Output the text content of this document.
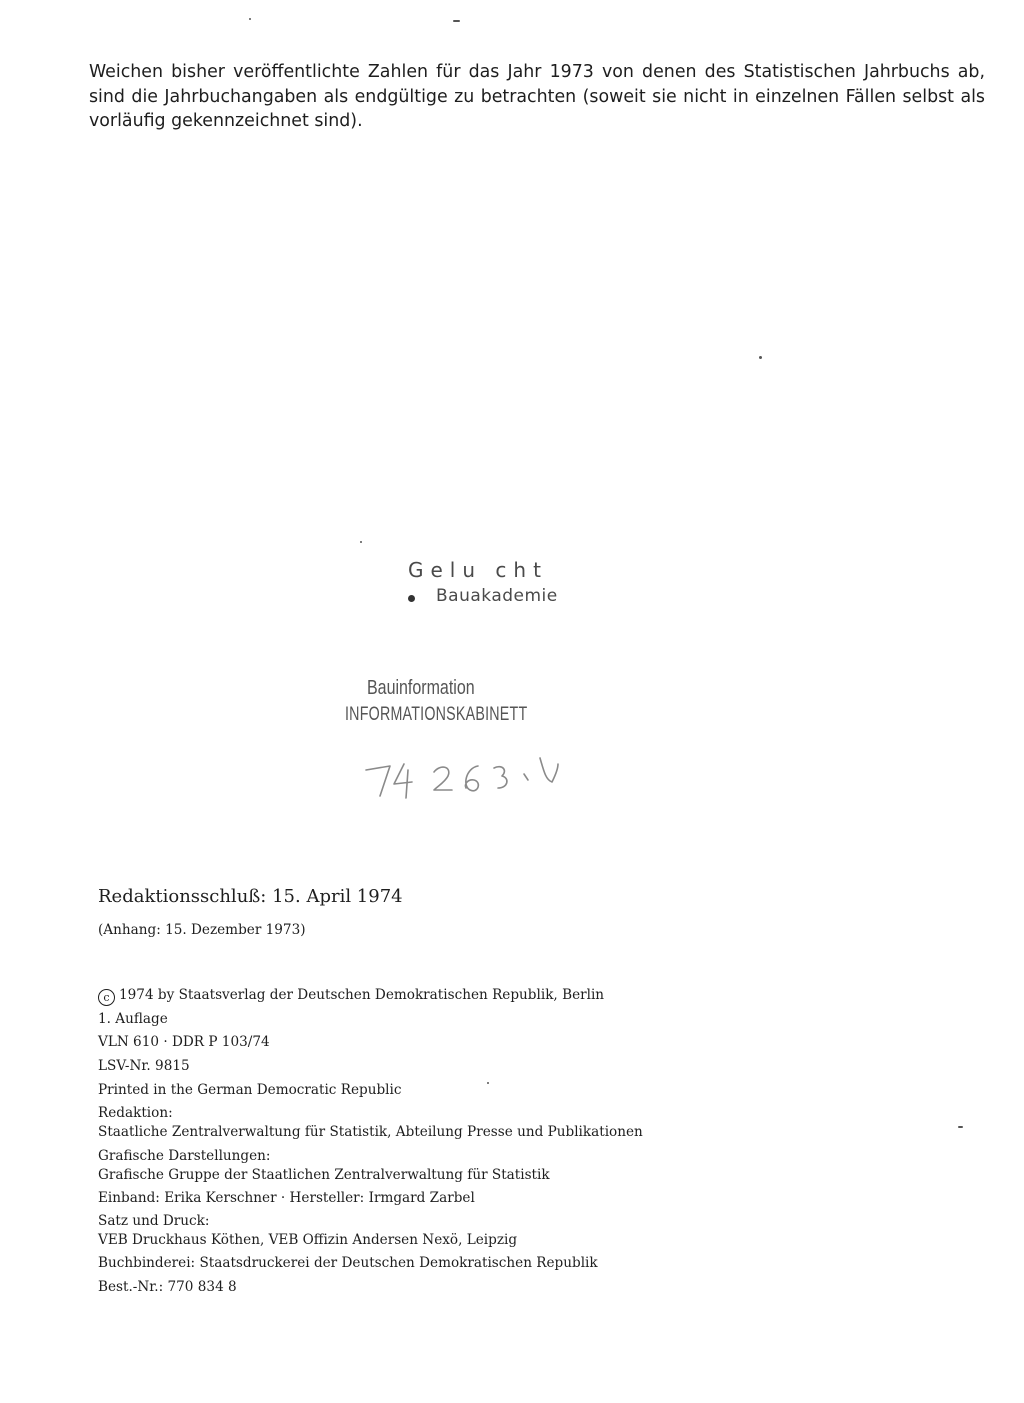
Weichen bisher veröffentlichte Zahlen für das Jahr 1973 von denen des Statistischen Jahrbuchs ab, sind die Jahrbuchangaben als endgültige zu betrachten (soweit sie nicht in einzelnen Fällen selbst als vorläufig gekennzeichnet sind).

Gelu cht
Bauakademie
Bauinformation
INFORMATIONSKABINETT

Redaktionsschluß: 15. April 1974

(Anhang: 15. Dezember 1973)

c 1974 by Staatsverlag der Deutschen Demokratischen Republik, Berlin
1. Auflage
VLN 610 · DDR P 103/74
LSV-Nr. 9815
Printed in the German Democratic Republic
Redaktion:
Staatliche Zentralverwaltung für Statistik, Abteilung Presse und Publikationen
Grafische Darstellungen:
Grafische Gruppe der Staatlichen Zentralverwaltung für Statistik
Einband: Erika Kerschner · Hersteller: Irmgard Zarbel
Satz und Druck:
VEB Druckhaus Köthen, VEB Offizin Andersen Nexö, Leipzig
Buchbinderei: Staatsdruckerei der Deutschen Demokratischen Republik
Best.-Nr.: 770 834 8
